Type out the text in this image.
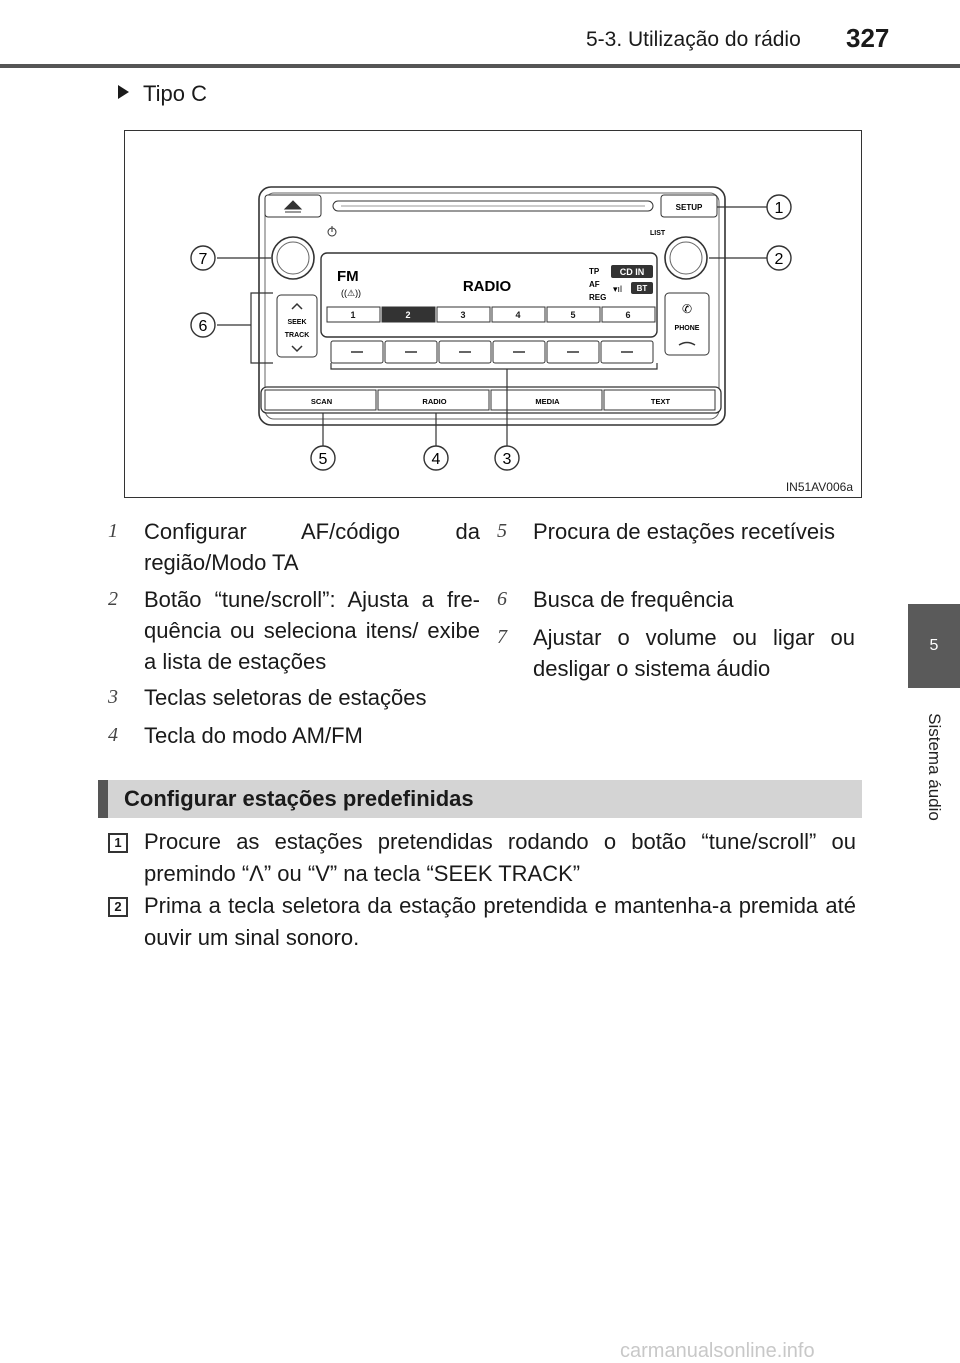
5-3. Utilização do rádio 327
5
Sistema áudio
Tipo C
SETUP
LIST
FM
((⚠))	RADIO
TP
AF
REG
CD IN
BT
▾ıl
1	2	3	4	5	6	✆
PHONE
SEEK
TRACK
SCAN	RADIO	MEDIA	TEXT
1
2
3
4
5
6
7
IN51AV006a
1 Configurar AF/código da região/Modo TA
2 Botão “tune/scroll”: Ajusta a fre- quência ou seleciona itens/ exibe a lista de estações
3 Teclas seletoras de estações
4 Tecla do modo AM/FM
5 Procura de estações recetíveis
6 Busca de frequência
7 Ajustar o volume ou ligar ou desligar o sistema áudio
Configurar estações predefinidas
1 Procure as estações pretendidas rodando o botão “tune/scroll” ou premindo “Λ” ou “V” na tecla “SEEK TRACK”
2 Prima a tecla seletora da estação pretendida e mantenha-a premida até ouvir um sinal sonoro.
carmanualsonline.info
